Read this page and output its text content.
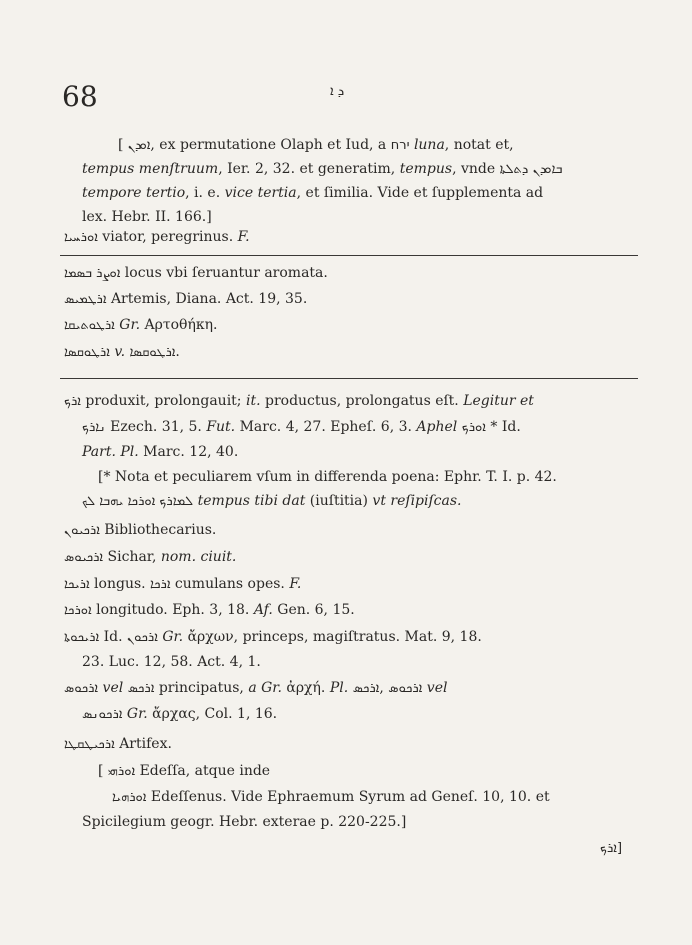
68	ܕ ܐ
[ ܐܘܕܢ, ex permutatione Olaph et Iud, a ירח luna, notat et,
tempus menſtruum, Ier. 2, 32. et generatim, tempus, vnde ܕܬܠܬܐ ܒܐܘܕܢ
tempore tertio, i. e. vice tertia, et ſimilia. Vide et ſupplementa ad
lex. Hebr. II. 166.]
ܐܘܪܚܝܐ viator, peregrinus. F.
ܐܘܨܪ ܒܣܡܐ locus vbi ſeruantur aromata.
ܐܪܛܡܝܣ Artemis, Diana. Act. 19, 35.
ܐܪܛܘܬܝܩܐ Gr. Αρτοθήκη.
ܐܪܛܘܩܣܐ v. ܐܪܛܘܩܣܐ.
ܐܪܟ produxit, prolongauit; it. productus, prolongatus eſt. Legitur et
ܢܐܪܟ Ezech. 31, 5. Fut. Marc. 4, 27. Epheſ. 6, 3. Aphel ܐܘܪܟ * Id.
Part. Pl. Marc. 12, 40.
[* Nota et peculiarem vſum in differenda poena: Ephr. T. I. p. 42.
ܠܡܐܪܟ ܐܘܪܟܐ ܝܗܒܐ ܠܟ tempus tibi dat (iuſtitia) vt reſipiſcas.
ܐܪܟܝܘܢ Bibliothecarius.
ܐܪܟܝܘܣ Sichar, nom. ciuit.
ܐܪܝܟܐ longus. ܐܪܟܐ cumulans opes. F.
ܐܘܪܟܐ longitudo. Eph. 3, 18. Af. Gen. 6, 15.
ܐܪܝܟܘܬܐ Id. ܐܪܟܘܢ Gr. ἄρχων, princeps, magiſtratus. Mat. 9, 18.
23. Luc. 12, 58. Act. 4, 1.
ܐܪܟܘܣ vel ܐܪܟܣ principatus, a Gr. ἀρχή. Pl. ܐܪܟܣ, ܐܪܟܘܣ vel
ܐܪܟܘܢܣ Gr. ἄρχας, Col. 1, 16.
ܐܪܟܝܛܩܛܐ Artifex.
[ ܐܘܪܗܝ Edeſſa, atque inde
ܐܘܪܗܝܐ Edeſſenus. Vide Ephraemum Syrum ad Geneſ. 10, 10. et
Spicilegium geogr. Hebr. exterae p. 220-225.]
[ܐܪܟ
